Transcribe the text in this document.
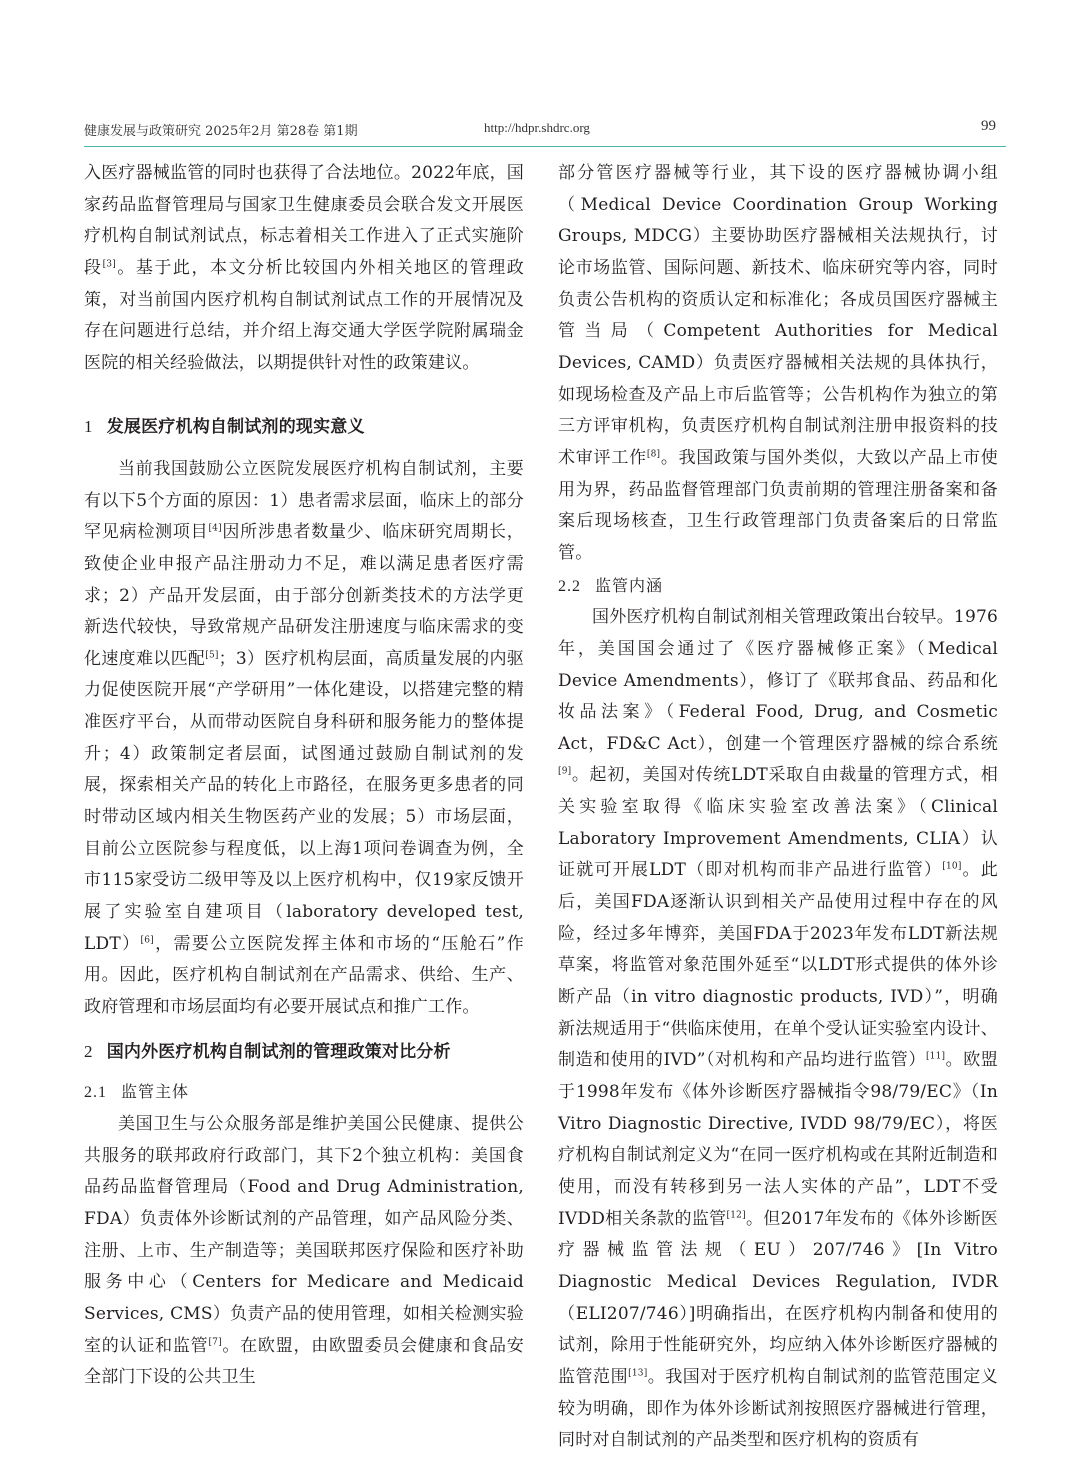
健康发展与政策研究 2025年2月 第28卷 第1期	http://hdpr.shdrc.org	99

入医疗器械监管的同时也获得了合法地位。2022年底，国家药品监督管理局与国家卫生健康委员会联合发文开展医疗机构自制试剂试点，标志着相关工作进入了正式实施阶段[3]。基于此，本文分析比较国内外相关地区的管理政策，对当前国内医疗机构自制试剂试点工作的开展情况及存在问题进行总结，并介绍上海交通大学医学院附属瑞金医院的相关经验做法，以期提供针对性的政策建议。

1 发展医疗机构自制试剂的现实意义

当前我国鼓励公立医院发展医疗机构自制试剂，主要有以下5个方面的原因：1）患者需求层面，临床上的部分罕见病检测项目[4]因所涉患者数量少、临床研究周期长，致使企业申报产品注册动力不足，难以满足患者医疗需求；2）产品开发层面，由于部分创新类技术的方法学更新迭代较快，导致常规产品研发注册速度与临床需求的变化速度难以匹配[5]；3）医疗机构层面，高质量发展的内驱力促使医院开展“产学研用”一体化建设，以搭建完整的精准医疗平台，从而带动医院自身科研和服务能力的整体提升；4）政策制定者层面，试图通过鼓励自制试剂的发展，探索相关产品的转化上市路径，在服务更多患者的同时带动区域内相关生物医药产业的发展；5）市场层面，目前公立医院参与程度低，以上海1项问卷调查为例，全市115家受访二级甲等及以上医疗机构中，仅19家反馈开展了实验室自建项目（laboratory developed test, LDT）[6]，需要公立医院发挥主体和市场的“压舱石”作用。因此，医疗机构自制试剂在产品需求、供给、生产、政府管理和市场层面均有必要开展试点和推广工作。

2 国内外医疗机构自制试剂的管理政策对比分析
2.1 监管主体

美国卫生与公众服务部是维护美国公民健康、提供公共服务的联邦政府行政部门，其下2个独立机构：美国食品药品监督管理局（Food and Drug Administration, FDA）负责体外诊断试剂的产品管理，如产品风险分类、注册、上市、生产制造等；美国联邦医疗保险和医疗补助服务中心（Centers for Medicare and Medicaid Services, CMS）负责产品的使用管理，如相关检测实验室的认证和监管[7]。在欧盟，由欧盟委员会健康和食品安全部门下设的公共卫生

部分管医疗器械等行业，其下设的医疗器械协调小组（Medical Device Coordination Group Working Groups, MDCG）主要协助医疗器械相关法规执行，讨论市场监管、国际问题、新技术、临床研究等内容，同时负责公告机构的资质认定和标准化；各成员国医疗器械主管当局（Competent Authorities for Medical Devices, CAMD）负责医疗器械相关法规的具体执行，如现场检查及产品上市后监管等；公告机构作为独立的第三方评审机构，负责医疗机构自制试剂注册申报资料的技术审评工作[8]。我国政策与国外类似，大致以产品上市使用为界，药品监督管理部门负责前期的管理注册备案和备案后现场核查，卫生行政管理部门负责备案后的日常监管。

2.2 监管内涵

国外医疗机构自制试剂相关管理政策出台较早。1976年，美国国会通过了《医疗器械修正案》（Medical Device Amendments），修订了《联邦食品、药品和化妆品法案》（Federal Food, Drug, and Cosmetic Act，FD&C Act），创建一个管理医疗器械的综合系统[9]。起初，美国对传统LDT采取自由裁量的管理方式，相关实验室取得《临床实验室改善法案》（Clinical Laboratory Improvement Amendments, CLIA）认证就可开展LDT（即对机构而非产品进行监管）[10]。此后，美国FDA逐渐认识到相关产品使用过程中存在的风险，经过多年博弈，美国FDA于2023年发布LDT新法规草案，将监管对象范围外延至“以LDT形式提供的体外诊断产品（in vitro diagnostic products, IVD）”，明确新法规适用于“供临床使用，在单个受认证实验室内设计、制造和使用的IVD”（对机构和产品均进行监管）[11]。欧盟于1998年发布《体外诊断医疗器械指令98/79/EC》（In Vitro Diagnostic Directive, IVDD 98/79/EC），将医疗机构自制试剂定义为“在同一医疗机构或在其附近制造和使用，而没有转移到另一法人实体的产品”，LDT不受IVDD相关条款的监管[12]。但2017年发布的《体外诊断医疗器械监管法规（EU）207/746》[In Vitro Diagnostic Medical Devices Regulation, IVDR（ELI207/746）]明确指出，在医疗机构内制备和使用的试剂，除用于性能研究外，均应纳入体外诊断医疗器械的监管范围[13]。我国对于医疗机构自制试剂的监管范围定义较为明确，即作为体外诊断试剂按照医疗器械进行管理，同时对自制试剂的产品类型和医疗机构的资质有
